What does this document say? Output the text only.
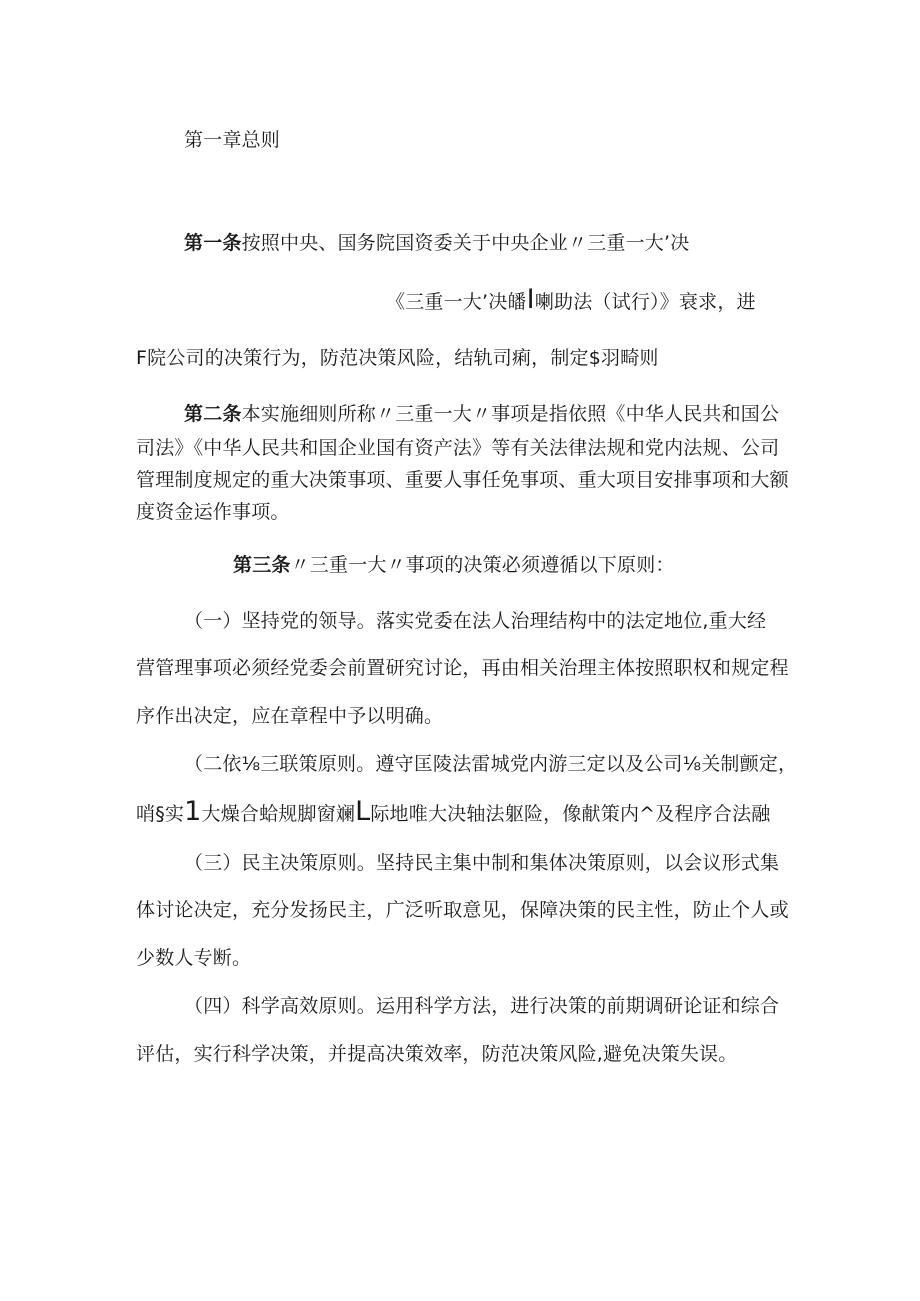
第一章总则
第一条按照中央、国务院国资委关于中央企业〃三重一大’决
《三重一大’决皤I喇助法（试行）》衰求，进
F院公司的决策行为，防范决策风险，结轨司痢，制定$羽畸则
第二条本实施细则所称〃三重一大〃事项是指依照《中华人民共和国公
司法》《中华人民共和国企业国有资产法》等有关法律法规和党内法规、公司
管理制度规定的重大决策事项、重要人事任免事项、重大项目安排事项和大额
度资金运作事项。
第三条〃三重一大〃事项的决策必须遵循以下原则：
（一）坚持党的领导。落实党委在法人治理结构中的法定地位,重大经
营管理事项必须经党委会前置研究讨论，再由相关治理主体按照职权和规定程
序作出决定，应在章程中予以明确。
（二依⅛三联策原则。遵守匡陵法雷城党内游三定以及公司⅛关制颤定，
哨§实1大燥合蛤规脚窗斓L际地唯大决轴法躯险，像献策内^及程序合法融
（三）民主决策原则。坚持民主集中制和集体决策原则，以会议形式集
体讨论决定，充分发扬民主，广泛听取意见，保障决策的民主性，防止个人或
少数人专断。
（四）科学高效原则。运用科学方法，进行决策的前期调研论证和综合
评估，实行科学决策，并提高决策效率，防范决策风险,避免决策失误。
